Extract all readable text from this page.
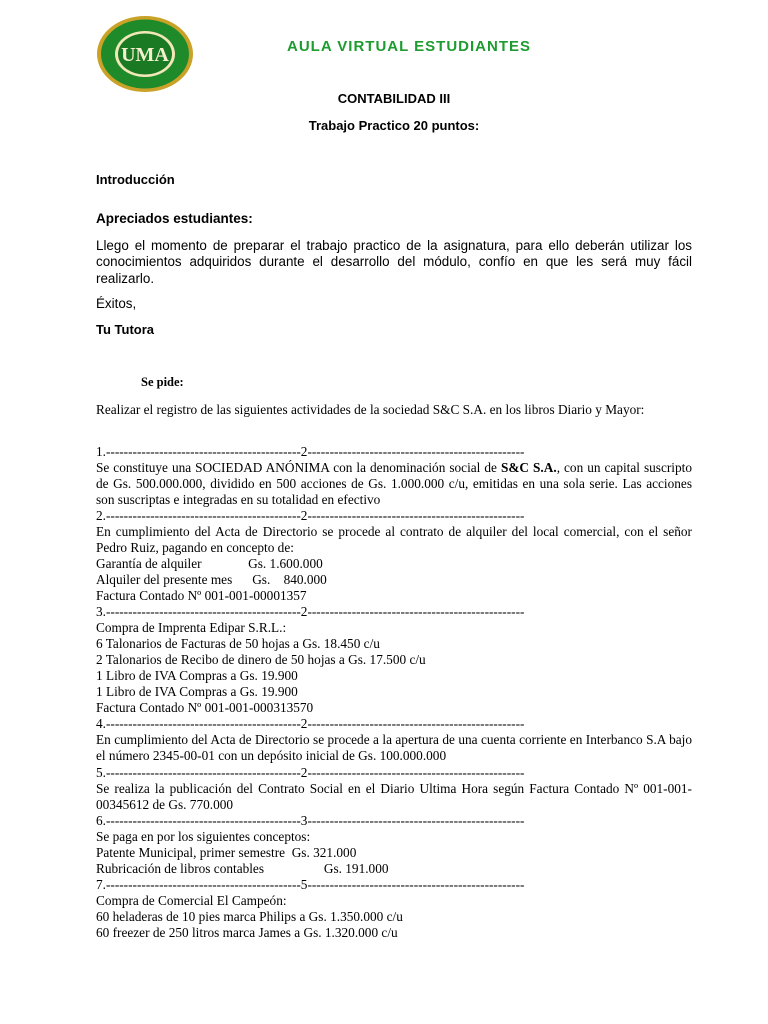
UMA	AULA VIRTUAL ESTUDIANTES
CONTABILIDAD III
Trabajo Practico 20 puntos:
Introducción
Apreciados estudiantes:
Llego el momento de preparar el trabajo practico de la asignatura, para ello deberán utilizar los conocimientos adquiridos durante el desarrollo del módulo, confío en que les será muy fácil realizarlo.
Éxitos,
Tu Tutora
Se pide:
Realizar el registro de las siguientes actividades de la sociedad S&C S.A. en los libros Diario y Mayor:
1.--------------------------------------------2-------------------------------------------------
Se constituye una SOCIEDAD ANÓNIMA con la denominación social de S&C S.A., con un capital suscripto de Gs. 500.000.000, dividido en 500 acciones de Gs. 1.000.000 c/u, emitidas en una sola serie. Las acciones son suscriptas e integradas en su totalidad en efectivo
2.--------------------------------------------2-------------------------------------------------
En cumplimiento del Acta de Directorio se procede al contrato de alquiler del local comercial, con el señor Pedro Ruiz, pagando en concepto de:
Garantía de alquiler              Gs. 1.600.000
Alquiler del presente mes      Gs.    840.000
Factura Contado Nº 001-001-00001357
3.--------------------------------------------2-------------------------------------------------
Compra de Imprenta Edipar S.R.L.:
6 Talonarios de Facturas de 50 hojas a Gs. 18.450 c/u
2 Talonarios de Recibo de dinero de 50 hojas a Gs. 17.500 c/u
1 Libro de IVA Compras a Gs. 19.900
1 Libro de IVA Compras a Gs. 19.900
Factura Contado Nº 001-001-000313570
4.--------------------------------------------2-------------------------------------------------
En cumplimiento del Acta de Directorio se procede a la apertura de una cuenta corriente en Interbanco S.A bajo el número 2345-00-01 con un depósito inicial de Gs. 100.000.000
5.--------------------------------------------2-------------------------------------------------
Se realiza la publicación del Contrato Social en el Diario Ultima Hora según Factura Contado Nº 001-001-00345612 de Gs. 770.000
6.--------------------------------------------3-------------------------------------------------
Se paga en por los siguientes conceptos:
Patente Municipal, primer semestre  Gs. 321.000
Rubricación de libros contables                  Gs. 191.000
7.--------------------------------------------5-------------------------------------------------
Compra de Comercial El Campeón:
60 heladeras de 10 pies marca Philips a Gs. 1.350.000 c/u
60 freezer de 250 litros marca James a Gs. 1.320.000 c/u
